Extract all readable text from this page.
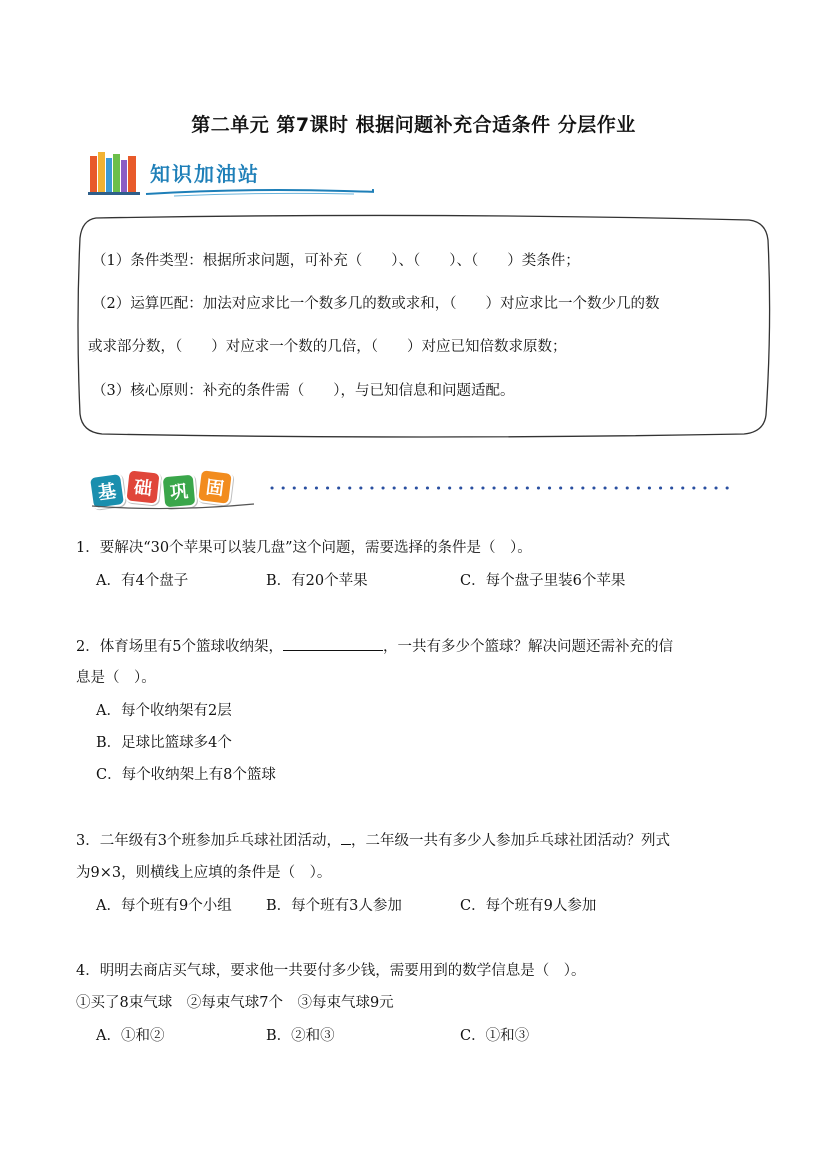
第二单元 第7课时 根据问题补充合适条件 分层作业
知识加油站
（1）条件类型：根据所求问题，可补充（　　）、（　　）、（　　）类条件；
（2）运算匹配：加法对应求比一个数多几的数或求和，（　　）对应求比一个数少几的数
或求部分数，（　　）对应求一个数的几倍，（　　）对应已知倍数求原数；
（3）核心原则：补充的条件需（　　），与已知信息和问题适配。
基 础 巩 固
1．要解决“30个苹果可以装几盘”这个问题，需要选择的条件是（　）。
A．有4个盘子	B．有20个苹果	C．每个盘子里装6个苹果
2．体育场里有5个篮球收纳架，	，一共有多少个篮球？解决问题还需补充的信
息是（　）。
A．每个收纳架有2层
B．足球比篮球多4个
C．每个收纳架上有8个篮球
3．二年级有3个班参加乒乓球社团活动， ，二年级一共有多少人参加乒乓球社团活动？列式
为9×3，则横线上应填的条件是（　）。
A．每个班有9个小组 B．每个班有3人参加	C．每个班有9人参加
4．明明去商店买气球，要求他一共要付多少钱，需要用到的数学信息是（　）。
①买了8束气球　②每束气球7个　③每束气球9元
A．①和②	B．②和③	C．①和③
